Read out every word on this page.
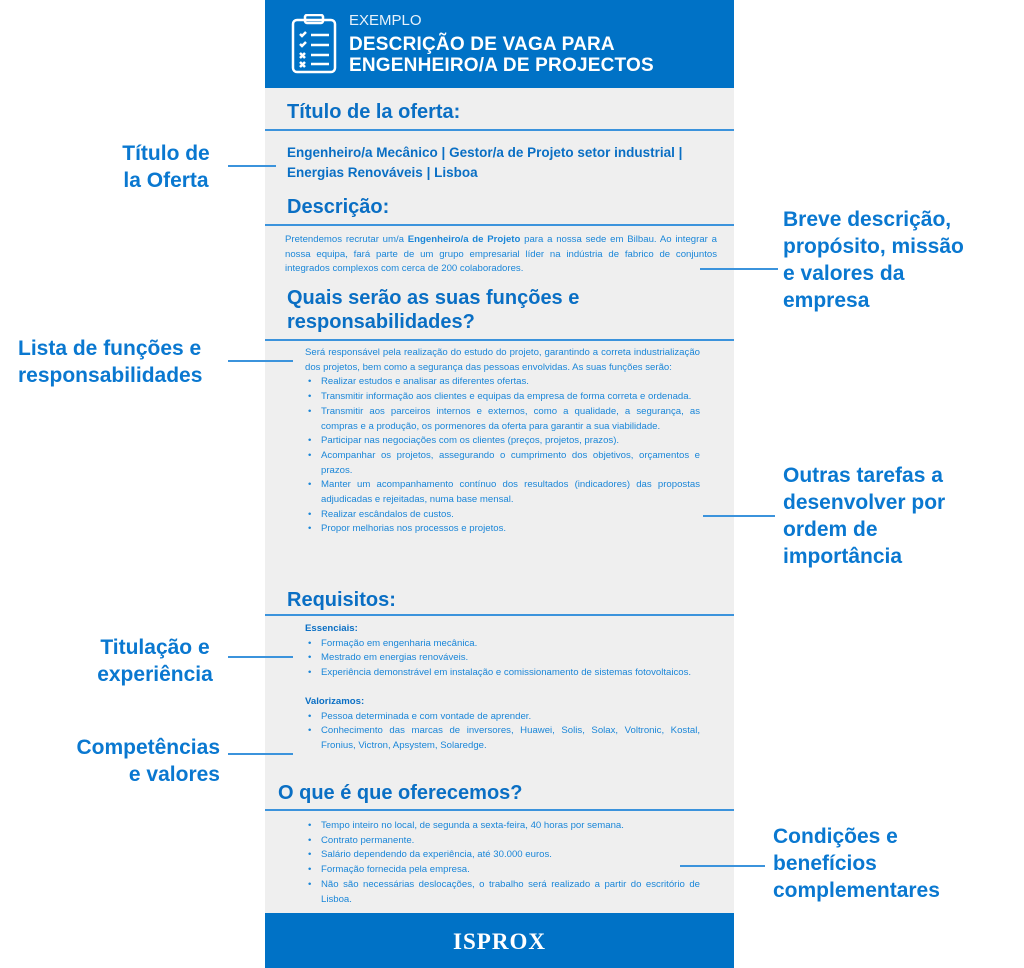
EXEMPLO
DESCRIÇÃO DE VAGA PARA
ENGENHEIRO/A DE PROJECTOS
Título de la oferta:
Engenheiro/a Mecânico | Gestor/a de Projeto setor industrial | Energias Renováveis | Lisboa
Descrição:
Pretendemos recrutar um/a Engenheiro/a de Projeto para a nossa sede em Bilbau. Ao integrar a nossa equipa, fará parte de um grupo empresarial líder na indústria de fabrico de conjuntos integrados complexos com cerca de 200 colaboradores.
Quais serão as suas funções e
responsabilidades?
Será responsável pela realização do estudo do projeto, garantindo a correta industrialização dos projetos, bem como a segurança das pessoas envolvidas. As suas funções serão:
• Realizar estudos e analisar as diferentes ofertas.
• Transmitir informação aos clientes e equipas da empresa de forma correta e ordenada.
• Transmitir aos parceiros internos e externos, como a qualidade, a segurança, as compras e a produção, os pormenores da oferta para garantir a sua viabilidade.
• Participar nas negociações com os clientes (preços, projetos, prazos).
• Acompanhar os projetos, assegurando o cumprimento dos objetivos, orçamentos e prazos.
• Manter um acompanhamento contínuo dos resultados (indicadores) das propostas adjudicadas e rejeitadas, numa base mensal.
• Realizar escândalos de custos.
• Propor melhorias nos processos e projetos.
Requisitos:
Essenciais:
• Formação em engenharia mecânica.
• Mestrado em energias renováveis.
• Experiência demonstrável em instalação e comissionamento de sistemas fotovoltaicos.
Valorizamos:
• Pessoa determinada e com vontade de aprender.
• Conhecimento das marcas de inversores, Huawei, Solis, Solax, Voltronic, Kostal, Fronius, Victron, Apsystem, Solaredge.
O que é que oferecemos?
• Tempo inteiro no local, de segunda a sexta-feira, 40 horas por semana.
• Contrato permanente.
• Salário dependendo da experiência, até 30.000 euros.
• Formação fornecida pela empresa.
• Não são necessárias deslocações, o trabalho será realizado a partir do escritório de Lisboa.
ISPROX
Título de
la Oferta
Breve descrição,
propósito, missão
e valores da
empresa
Lista de funções e
responsabilidades
Outras tarefas a
desenvolver por
ordem de
importância
Titulação e
experiência
Competências
e valores
Condições e
benefícios
complementares
